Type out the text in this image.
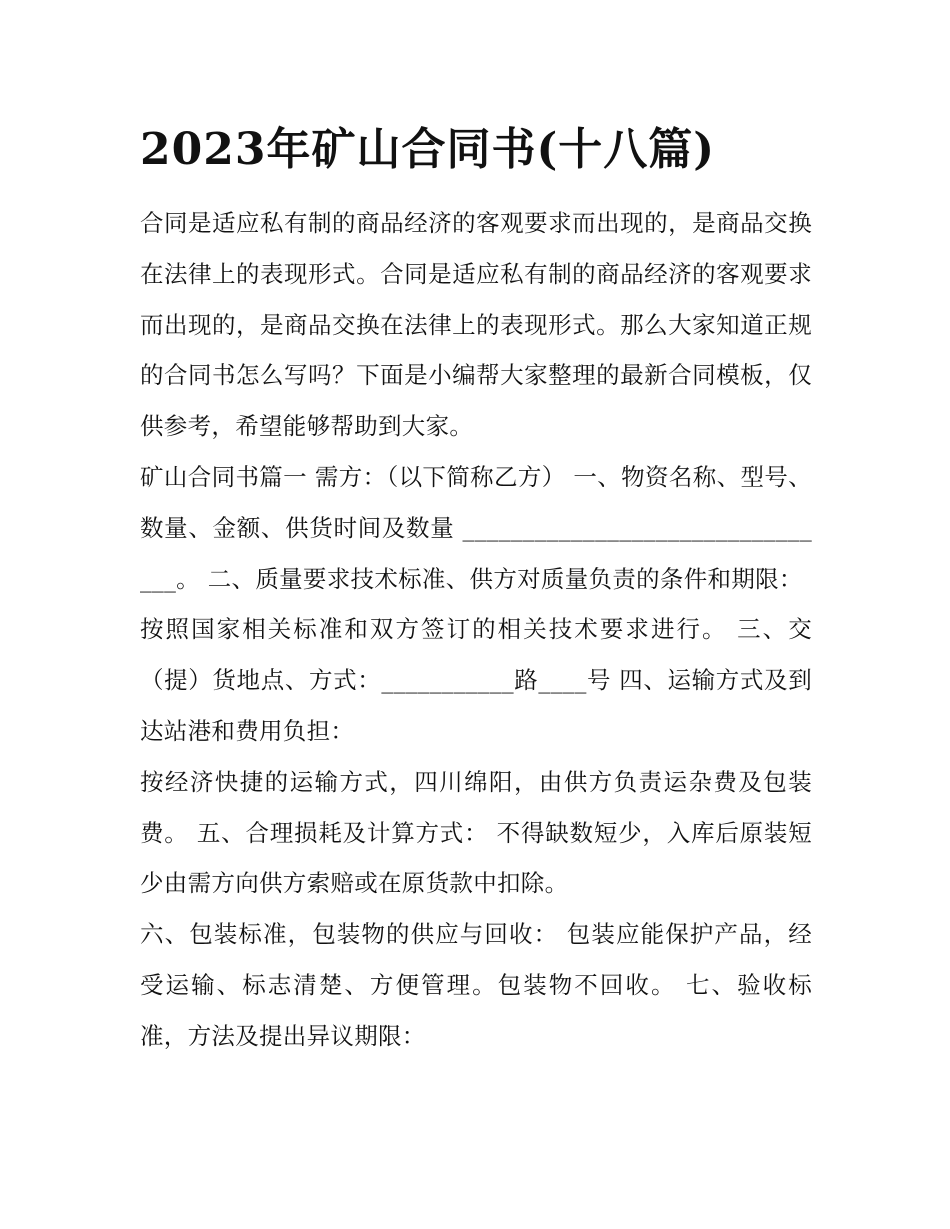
2023年矿山合同书(十八篇)

合同是适应私有制的商品经济的客观要求而出现的，是商品交换在法律上的表现形式。合同是适应私有制的商品经济的客观要求而出现的，是商品交换在法律上的表现形式。那么大家知道正规的合同书怎么写吗？下面是小编帮大家整理的最新合同模板，仅供参考，希望能够帮助到大家。

矿山合同书篇一 需方：（以下简称乙方） 一、物资名称、型号、数量、金额、供货时间及数量 ________________________________。 二、质量要求技术标准、供方对质量负责的条件和期限：

按照国家相关标准和双方签订的相关技术要求进行。 三、交（提）货地点、方式：___________路____号 四、运输方式及到达站港和费用负担：

按经济快捷的运输方式，四川绵阳，由供方负责运杂费及包装费。 五、合理损耗及计算方式： 不得缺数短少，入库后原装短少由需方向供方索赔或在原货款中扣除。

六、包装标准，包装物的供应与回收： 包装应能保护产品，经受运输、标志清楚、方便管理。包装物不回收。 七、验收标准，方法及提出异议期限：
